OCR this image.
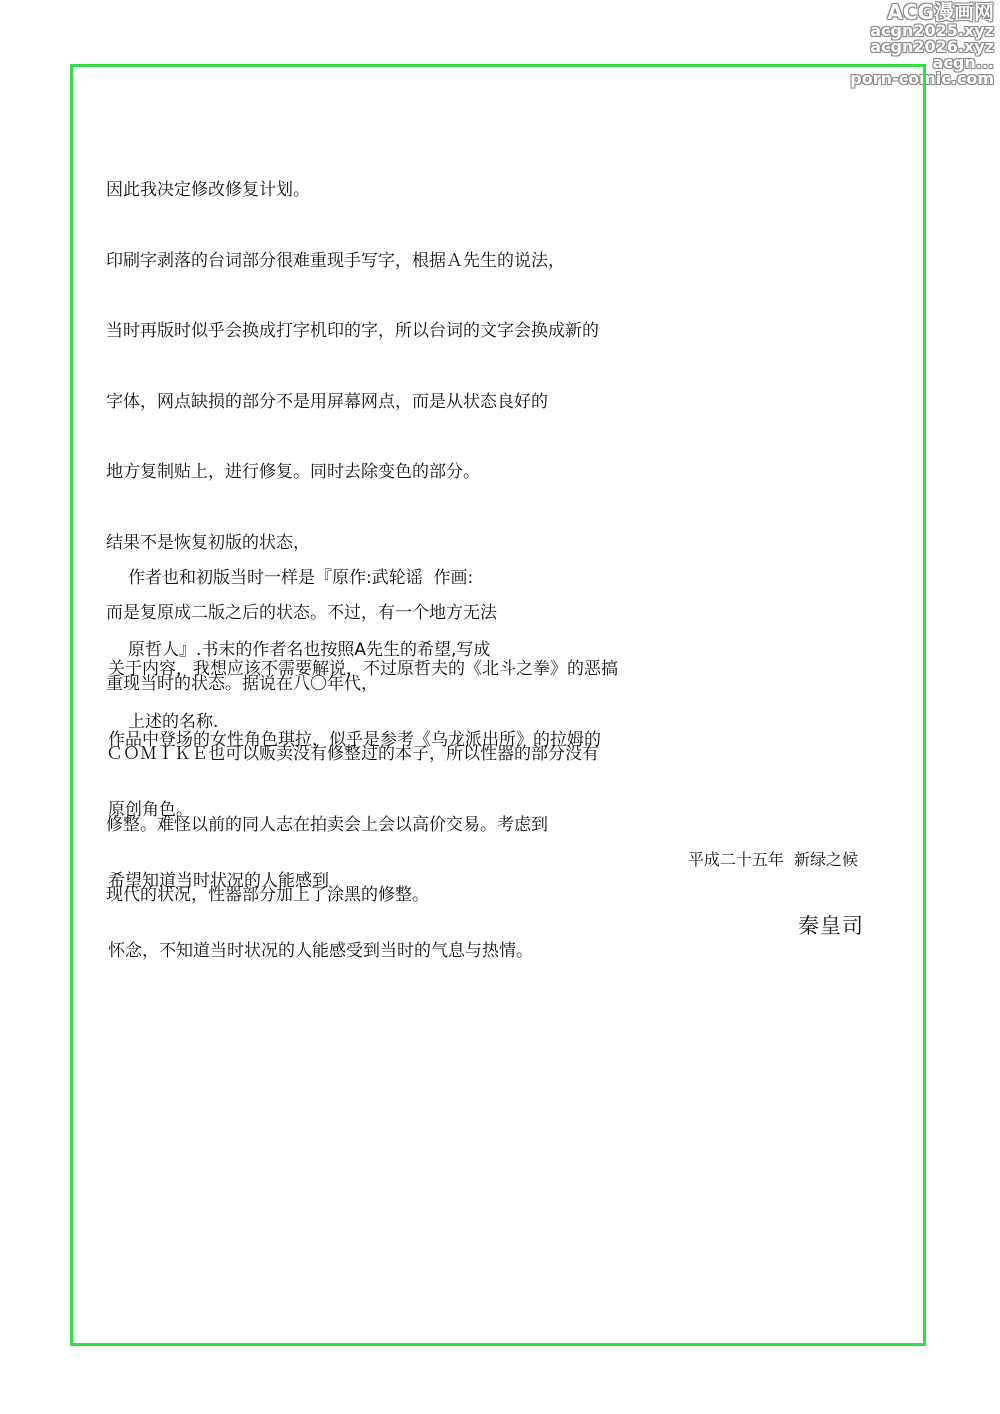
ACG漫画网
acgn2025.xyz
acgn2026.xyz
acgn...
porn-comic.com

因此我决定修改修复计划。

印刷字剥落的台词部分很难重现手写字，根据Ａ先生的说法，

当时再版时似乎会换成打字机印的字，所以台词的文字会换成新的

字体，网点缺损的部分不是用屏幕网点，而是从状态良好的

地方复制贴上，进行修复。同时去除变色的部分。

结果不是恢复初版的状态，

而是复原成二版之后的状态。不过，有一个地方无法

重现当时的状态。据说在八〇年代，

ＣＯＭＩＫＥ也可以贩卖没有修整过的本子，所以性器的部分没有

修整。难怪以前的同人志在拍卖会上会以高价交易。考虑到

现代的状况，性器部分加上了涂黑的修整。

作者也和初版当时一样是『原作:武轮谣  作画:

原哲人』.书末的作者名也按照A先生的希望,写成

上述的名称.

关于内容，我想应该不需要解说，不过原哲夫的《北斗之拳》的恶搞

作品中登场的女性角色琪拉，似乎是参考《乌龙派出所》的拉姆的

原创角色。

希望知道当时状况的人能感到

怀念，不知道当时状况的人能感受到当时的气息与热情。

平成二十五年  新绿之候
秦皇司
